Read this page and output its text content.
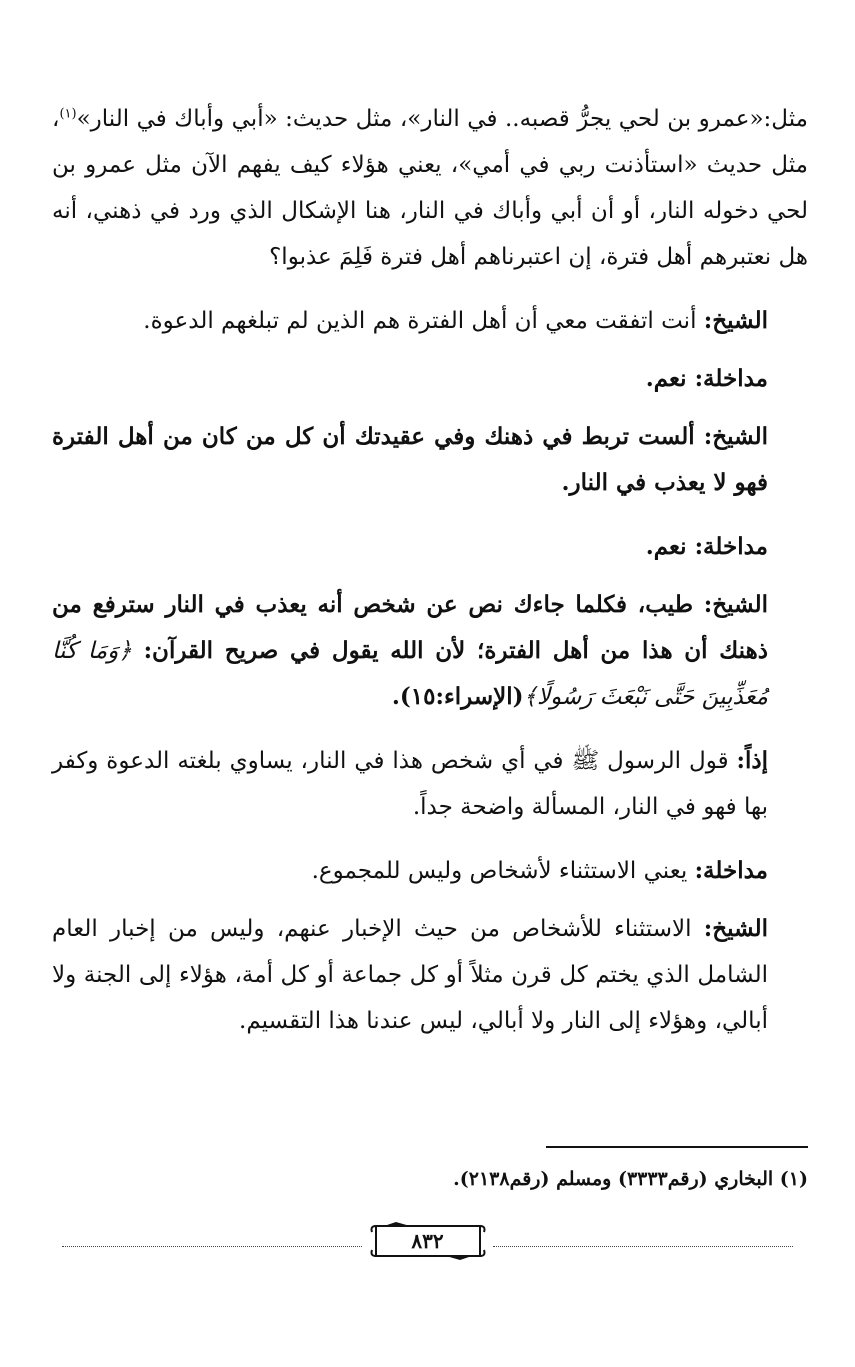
مثل:«عمرو بن لحي يجرُّ قصبه.. في النار»، مثل حديث: «أبي وأباك في النار»$^{(١)}$، مثل حديث «استأذنت ربي في أمي»، يعني هؤلاء كيف يفهم الآن مثل عمرو بن لحي دخوله النار، أو أن أبي وأباك في النار، هنا الإشكال الذي ورد في ذهني، أنه هل نعتبرهم أهل فترة، إن اعتبرناهم أهل فترة فَلِمَ عذبوا؟

الشيخ: أنت اتفقت معي أن أهل الفترة هم الذين لم تبلغهم الدعوة.

مداخلة: نعم.

الشيخ: ألست تربط في ذهنك وفي عقيدتك أن كل من كان من أهل الفترة فهو لا يعذب في النار.

مداخلة: نعم.

الشيخ: طيب، فكلما جاءك نص عن شخص أنه يعذب في النار سترفع من ذهنك أن هذا من أهل الفترة؛ لأن الله يقول في صريح القرآن: ﴿وَمَا كُنَّا مُعَذِّبِينَ حَتَّى نَبْعَثَ رَسُولًا﴾(الإسراء:١٥).

إذاً: قول الرسول ﷺ في أي شخص هذا في النار، يساوي بلغته الدعوة وكفر بها فهو في النار، المسألة واضحة جداً.

مداخلة: يعني الاستثناء لأشخاص وليس للمجموع.

الشيخ: الاستثناء للأشخاص من حيث الإخبار عنهم، وليس من إخبار العام الشامل الذي يختم كل قرن مثلاً أو كل جماعة أو كل أمة، هؤلاء إلى الجنة ولا أبالي، وهؤلاء إلى النار ولا أبالي، ليس عندنا هذا التقسيم.

(١) البخاري (رقم٣٣٣٣) ومسلم (رقم٢١٣٨).
٨٣٢
